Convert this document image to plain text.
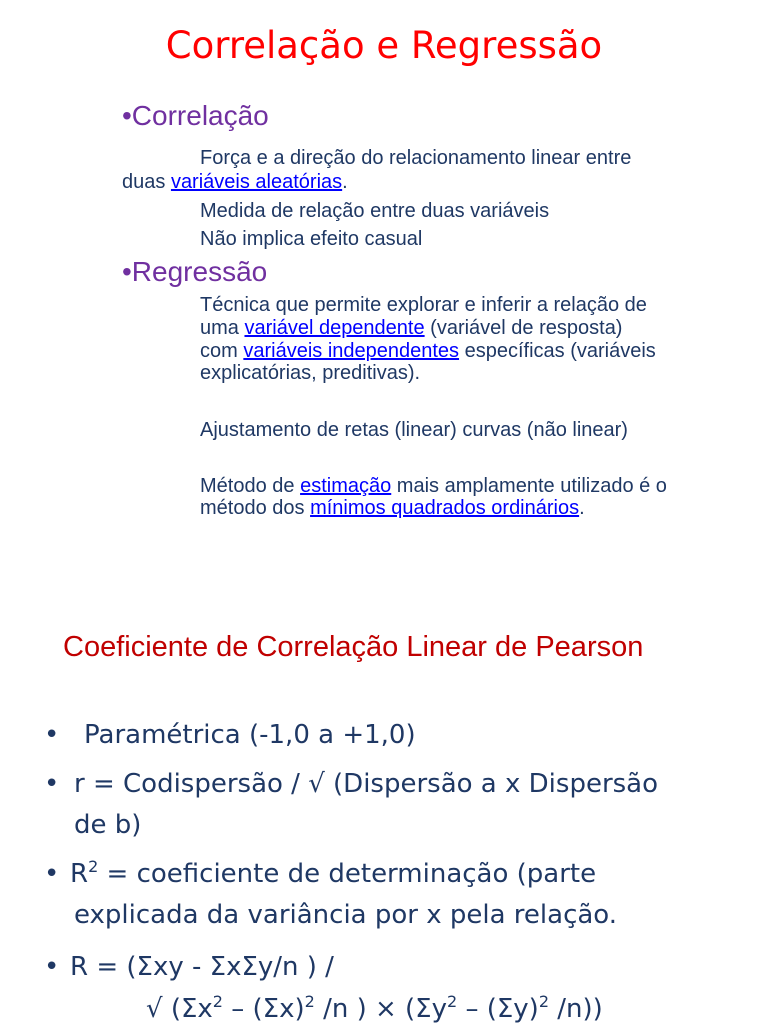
Correlação e Regressão
•Correlação
Força e a direção do relacionamento linear entre
duas variáveis aleatórias.
Medida de relação entre duas variáveis
Não implica efeito casual
•Regressão
Técnica que permite explorar e inferir a relação de
uma variável dependente (variável de resposta)
com variáveis independentes específicas (variáveis
explicatórias, preditivas).
Ajustamento de retas (linear) curvas (não linear)
Método de estimação mais amplamente utilizado é o
método dos mínimos quadrados ordinários.
Coeficiente de Correlação Linear de Pearson
• Paramétrica (-1,0 a +1,0)
• r = Codispersão / √ (Dispersão a x Dispersão
de b)
• $R^2$ = coeficiente de determinação (parte
explicada da variância por x pela relação.
• R = (Σxy - ΣxΣy/n ) /
√ ($\Sigma x^2 - (\Sigma x)^2$ /n ) × ($\Sigma y^2 - (\Sigma y)^2$ /n))
